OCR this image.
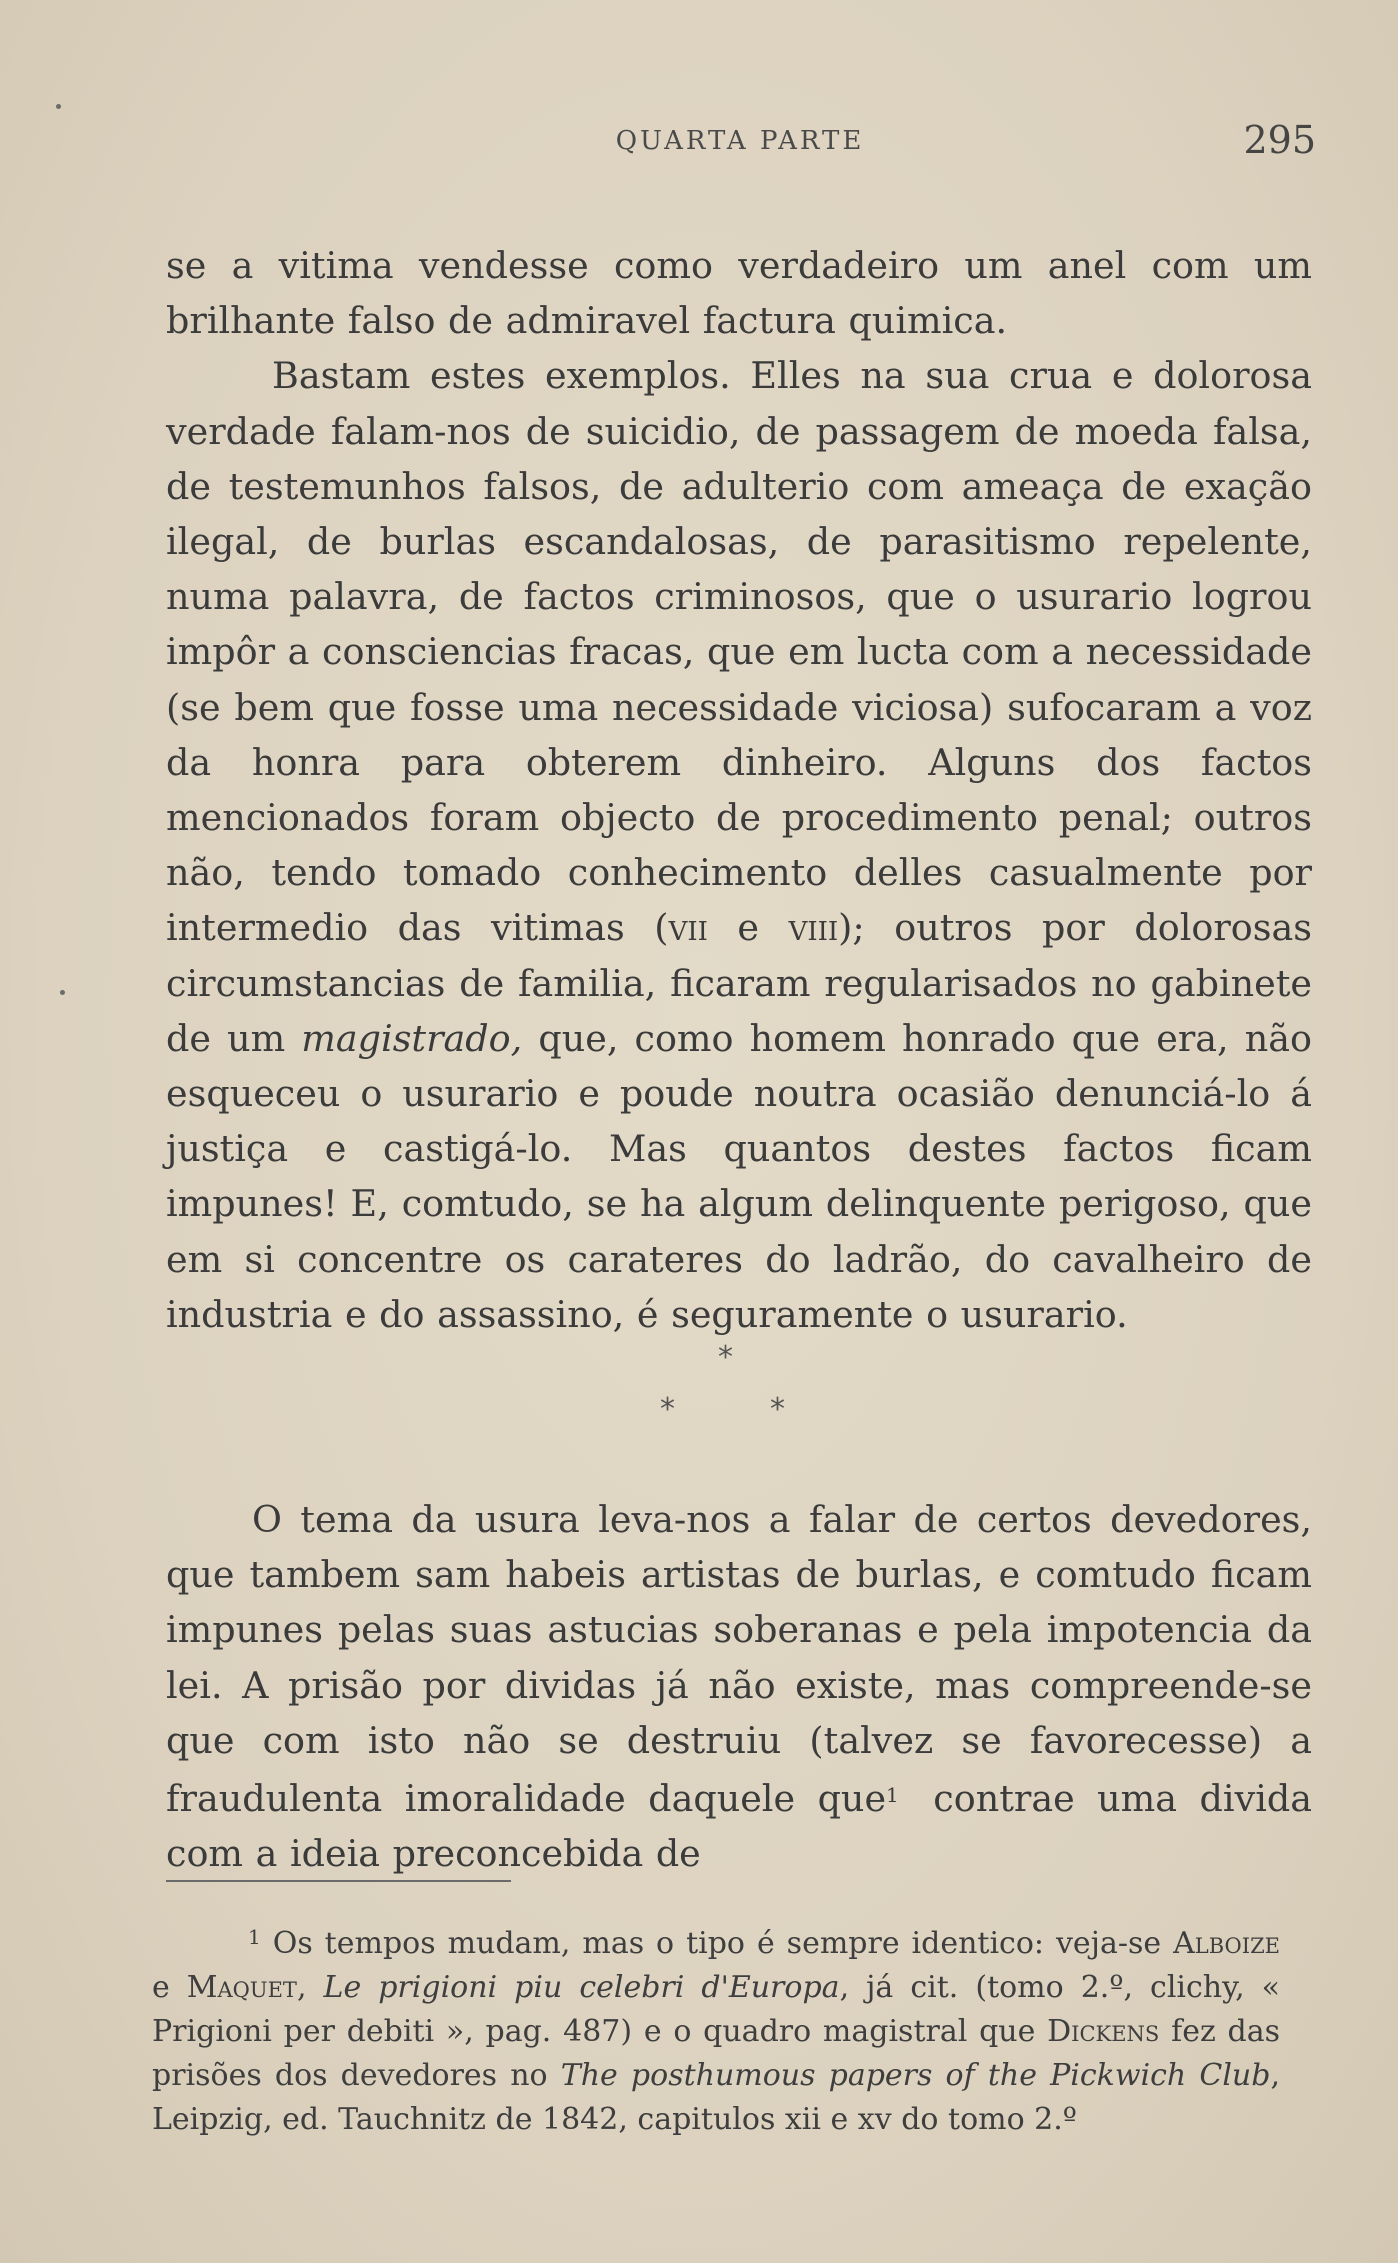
QUARTA PARTE	295

se a vitima vendesse como verdadeiro um anel com um brilhante falso de admiravel factura quimica.

Bastam estes exemplos. Elles na sua crua e dolorosa verdade falam-nos de suicidio, de passagem de moeda falsa, de testemunhos falsos, de adulterio com ameaça de exação ilegal, de burlas escandalosas, de parasitismo repelente, numa palavra, de factos criminosos, que o usurario logrou impôr a consciencias fracas, que em lucta com a necessidade (se bem que fosse uma necessidade viciosa) sufocaram a voz da honra para obterem dinheiro. Alguns dos factos mencionados foram objecto de procedimento penal; outros não, tendo tomado conhecimento delles casualmente por intermedio das vitimas (vii e viii); outros por dolorosas circumstancias de familia, ficaram regularisados no gabinete de um magistrado, que, como homem honrado que era, não esqueceu o usurario e poude noutra ocasião denunciá-lo á justiça e castigá-lo. Mas quantos destes factos ficam impunes! E, comtudo, se ha algum delinquente perigoso, que em si concentre os carateres do ladrão, do cavalheiro de industria e do assassino, é seguramente o usurario.

*
*	*

O tema da usura leva-nos a falar de certos devedores, que tambem sam habeis artistas de burlas, e comtudo ficam impunes pelas suas astucias soberanas e pela impotencia da lei. A prisão por dividas já não existe, mas compreende-se que com isto não se destruiu (talvez se favorecesse) a fraudulenta imoralidade daquele que$^1$ contrae uma divida com a ideia preconcebida de

$^1$ Os tempos mudam, mas o tipo é sempre identico: veja-se Alboize e Maquet, Le prigioni piu celebri d'Europa, já cit. (tomo 2.º, clichy, « Prigioni per debiti », pag. 487) e o quadro magistral que Dickens fez das prisões dos devedores no The posthumous papers of the Pickwich Club, Leipzig, ed. Tauchnitz de 1842, capitulos xii e xv do tomo 2.º
